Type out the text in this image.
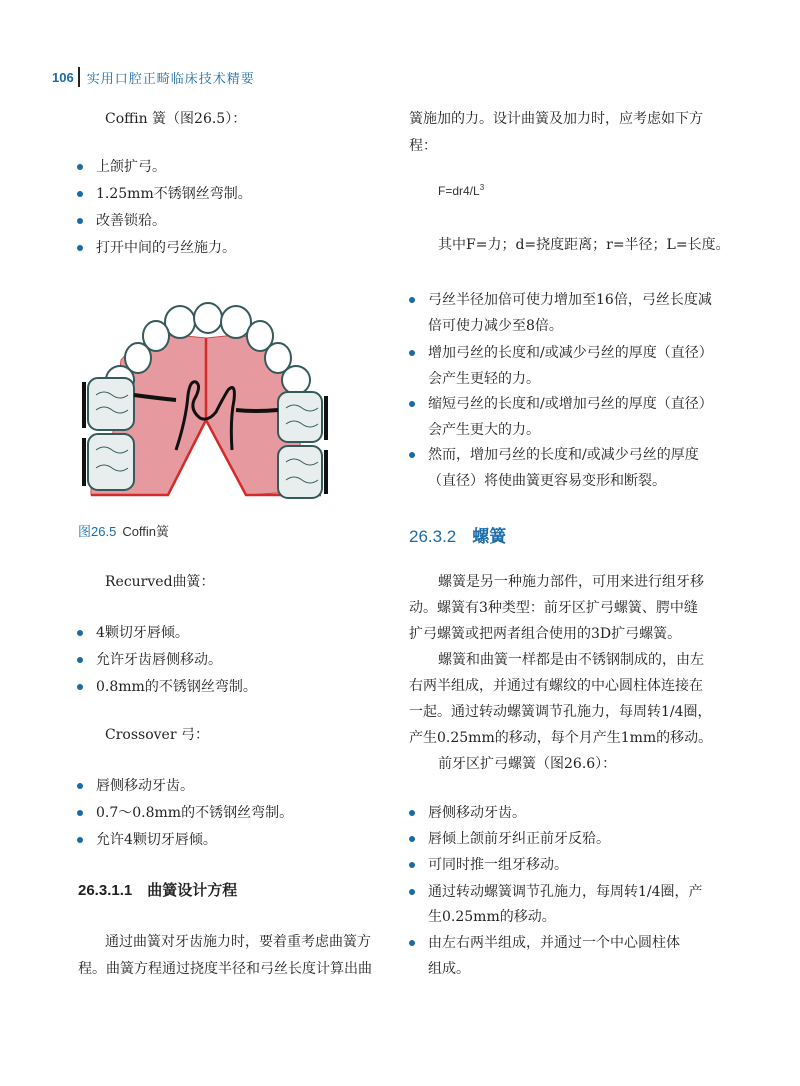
106 实用口腔正畸临床技术精要
Coffin 簧（图26.5）：
上颌扩弓。
1.25mm不锈钢丝弯制。
改善锁𬌗。
打开中间的弓丝施力。
图26.5 Coffin簧
Recurved曲簧：
4颗切牙唇倾。
允许牙齿唇侧移动。
0.8mm的不锈钢丝弯制。
Crossover 弓：
唇侧移动牙齿。
0.7～0.8mm的不锈钢丝弯制。
允许4颗切牙唇倾。
26.3.1.1　曲簧设计方程
通过曲簧对牙齿施力时，要着重考虑曲簧方
程。曲簧方程通过挠度半径和弓丝长度计算出曲
簧施加的力。设计曲簧及加力时，应考虑如下方
程：
$F=dr4/L^3$
其中F=力；d=挠度距离；r=半径；L=长度。
弓丝半径加倍可使力增加至16倍，弓丝长度减
倍可使力减少至8倍。
增加弓丝的长度和/或减少弓丝的厚度（直径）
会产生更轻的力。
缩短弓丝的长度和/或增加弓丝的厚度（直径）
会产生更大的力。
然而，增加弓丝的长度和/或减少弓丝的厚度
（直径）将使曲簧更容易变形和断裂。
26.3.2 螺簧
螺簧是另一种施力部件，可用来进行组牙移
动。螺簧有3种类型：前牙区扩弓螺簧、腭中缝
扩弓螺簧或把两者组合使用的3D扩弓螺簧。
螺簧和曲簧一样都是由不锈钢制成的，由左
右两半组成，并通过有螺纹的中心圆柱体连接在
一起。通过转动螺簧调节孔施力，每周转1/4圈，
产生0.25mm的移动，每个月产生1mm的移动。
前牙区扩弓螺簧（图26.6）：
唇侧移动牙齿。
唇倾上颌前牙纠正前牙反𬌗。
可同时推一组牙移动。
通过转动螺簧调节孔施力，每周转1/4圈，产
生0.25mm的移动。
由左右两半组成，并通过一个中心圆柱体
组成。
